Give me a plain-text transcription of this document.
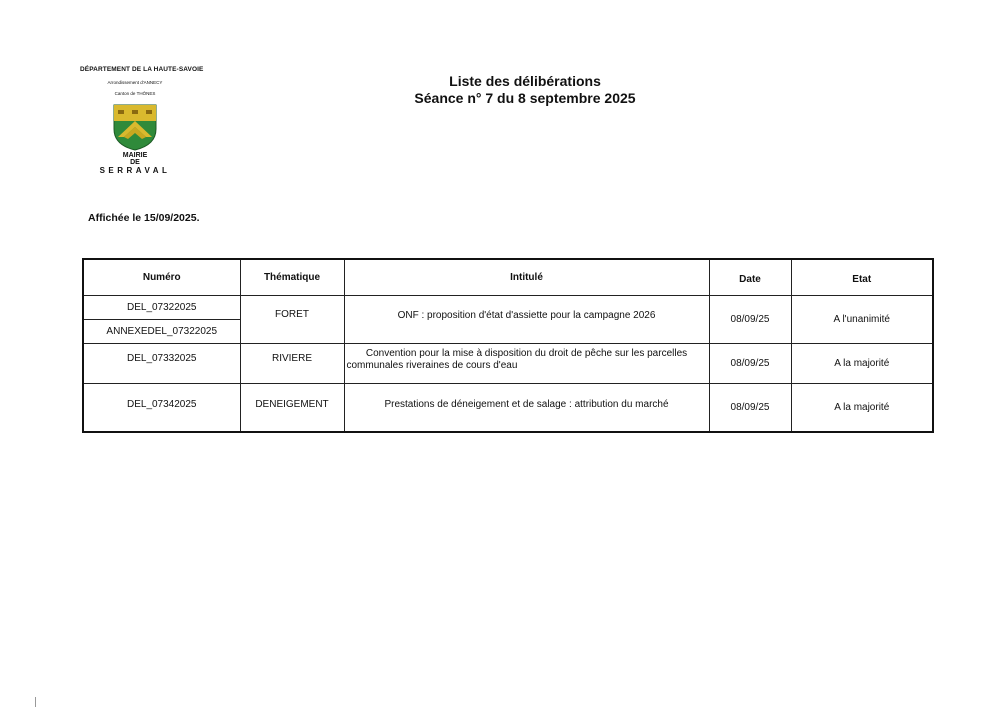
DÉPARTEMENT DE LA HAUTE-SAVOIE
Arrondissement d'ANNECY
Canton de THÔNES
MAIRIE
DE
SERRAVAL
Liste des délibérations
Séance n° 7 du 8 septembre 2025
Affichée le 15/09/2025.
Numéro	Thématique	Intitulé	Date	Etat
DEL_07322025	FORET	ONF : proposition d'état d'assiette pour la campagne 2026	08/09/25	A l'unanimité
ANNEXEDEL_07322025				
DEL_07332025	RIVIERE	Convention pour la mise à disposition du droit de pêche sur les parcelles communales riveraines de cours d'eau	08/09/25	A la majorité
DEL_07342025	DENEIGEMENT	Prestations de déneigement et de salage : attribution du marché	08/09/25	A la majorité
